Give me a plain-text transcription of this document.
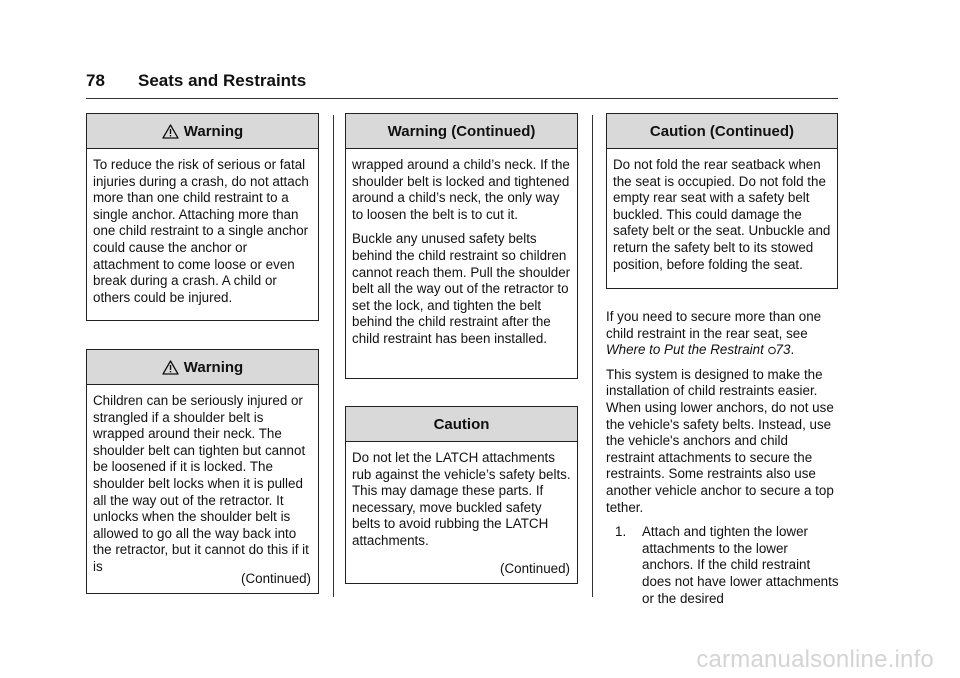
78 Seats and Restraints
Warning

To reduce the risk of serious or fatal injuries during a crash, do not attach more than one child restraint to a single anchor. Attaching more than one child restraint to a single anchor could cause the anchor or attachment to come loose or even break during a crash. A child or others could be injured.

Warning

Children can be seriously injured or strangled if a shoulder belt is wrapped around their neck. The shoulder belt can tighten but cannot be loosened if it is locked. The shoulder belt locks when it is pulled all the way out of the retractor. It unlocks when the shoulder belt is allowed to go all the way back into the retractor, but it cannot do this if it is

(Continued)
Warning (Continued)

wrapped around a child’s neck. If the shoulder belt is locked and tightened around a child’s neck, the only way to loosen the belt is to cut it.

Buckle any unused safety belts behind the child restraint so children cannot reach them. Pull the shoulder belt all the way out of the retractor to set the lock, and tighten the belt behind the child restraint after the child restraint has been installed.

Caution

Do not let the LATCH attachments rub against the vehicle’s safety belts. This may damage these parts. If necessary, move buckled safety belts to avoid rubbing the LATCH attachments.

(Continued)
Caution (Continued)

Do not fold the rear seatback when the seat is occupied. Do not fold the empty rear seat with a safety belt buckled. This could damage the safety belt or the seat. Unbuckle and return the safety belt to its stowed position, before folding the seat.

If you need to secure more than one child restraint in the rear seat, see Where to Put the Restraint 73.

This system is designed to make the installation of child restraints easier. When using lower anchors, do not use the vehicle's safety belts. Instead, use the vehicle's anchors and child restraint attachments to secure the restraints. Some restraints also use another vehicle anchor to secure a top tether.

1.	Attach and tighten the lower attachments to the lower anchors. If the child restraint does not have lower attachments or the desired
carmanualsonline.info
